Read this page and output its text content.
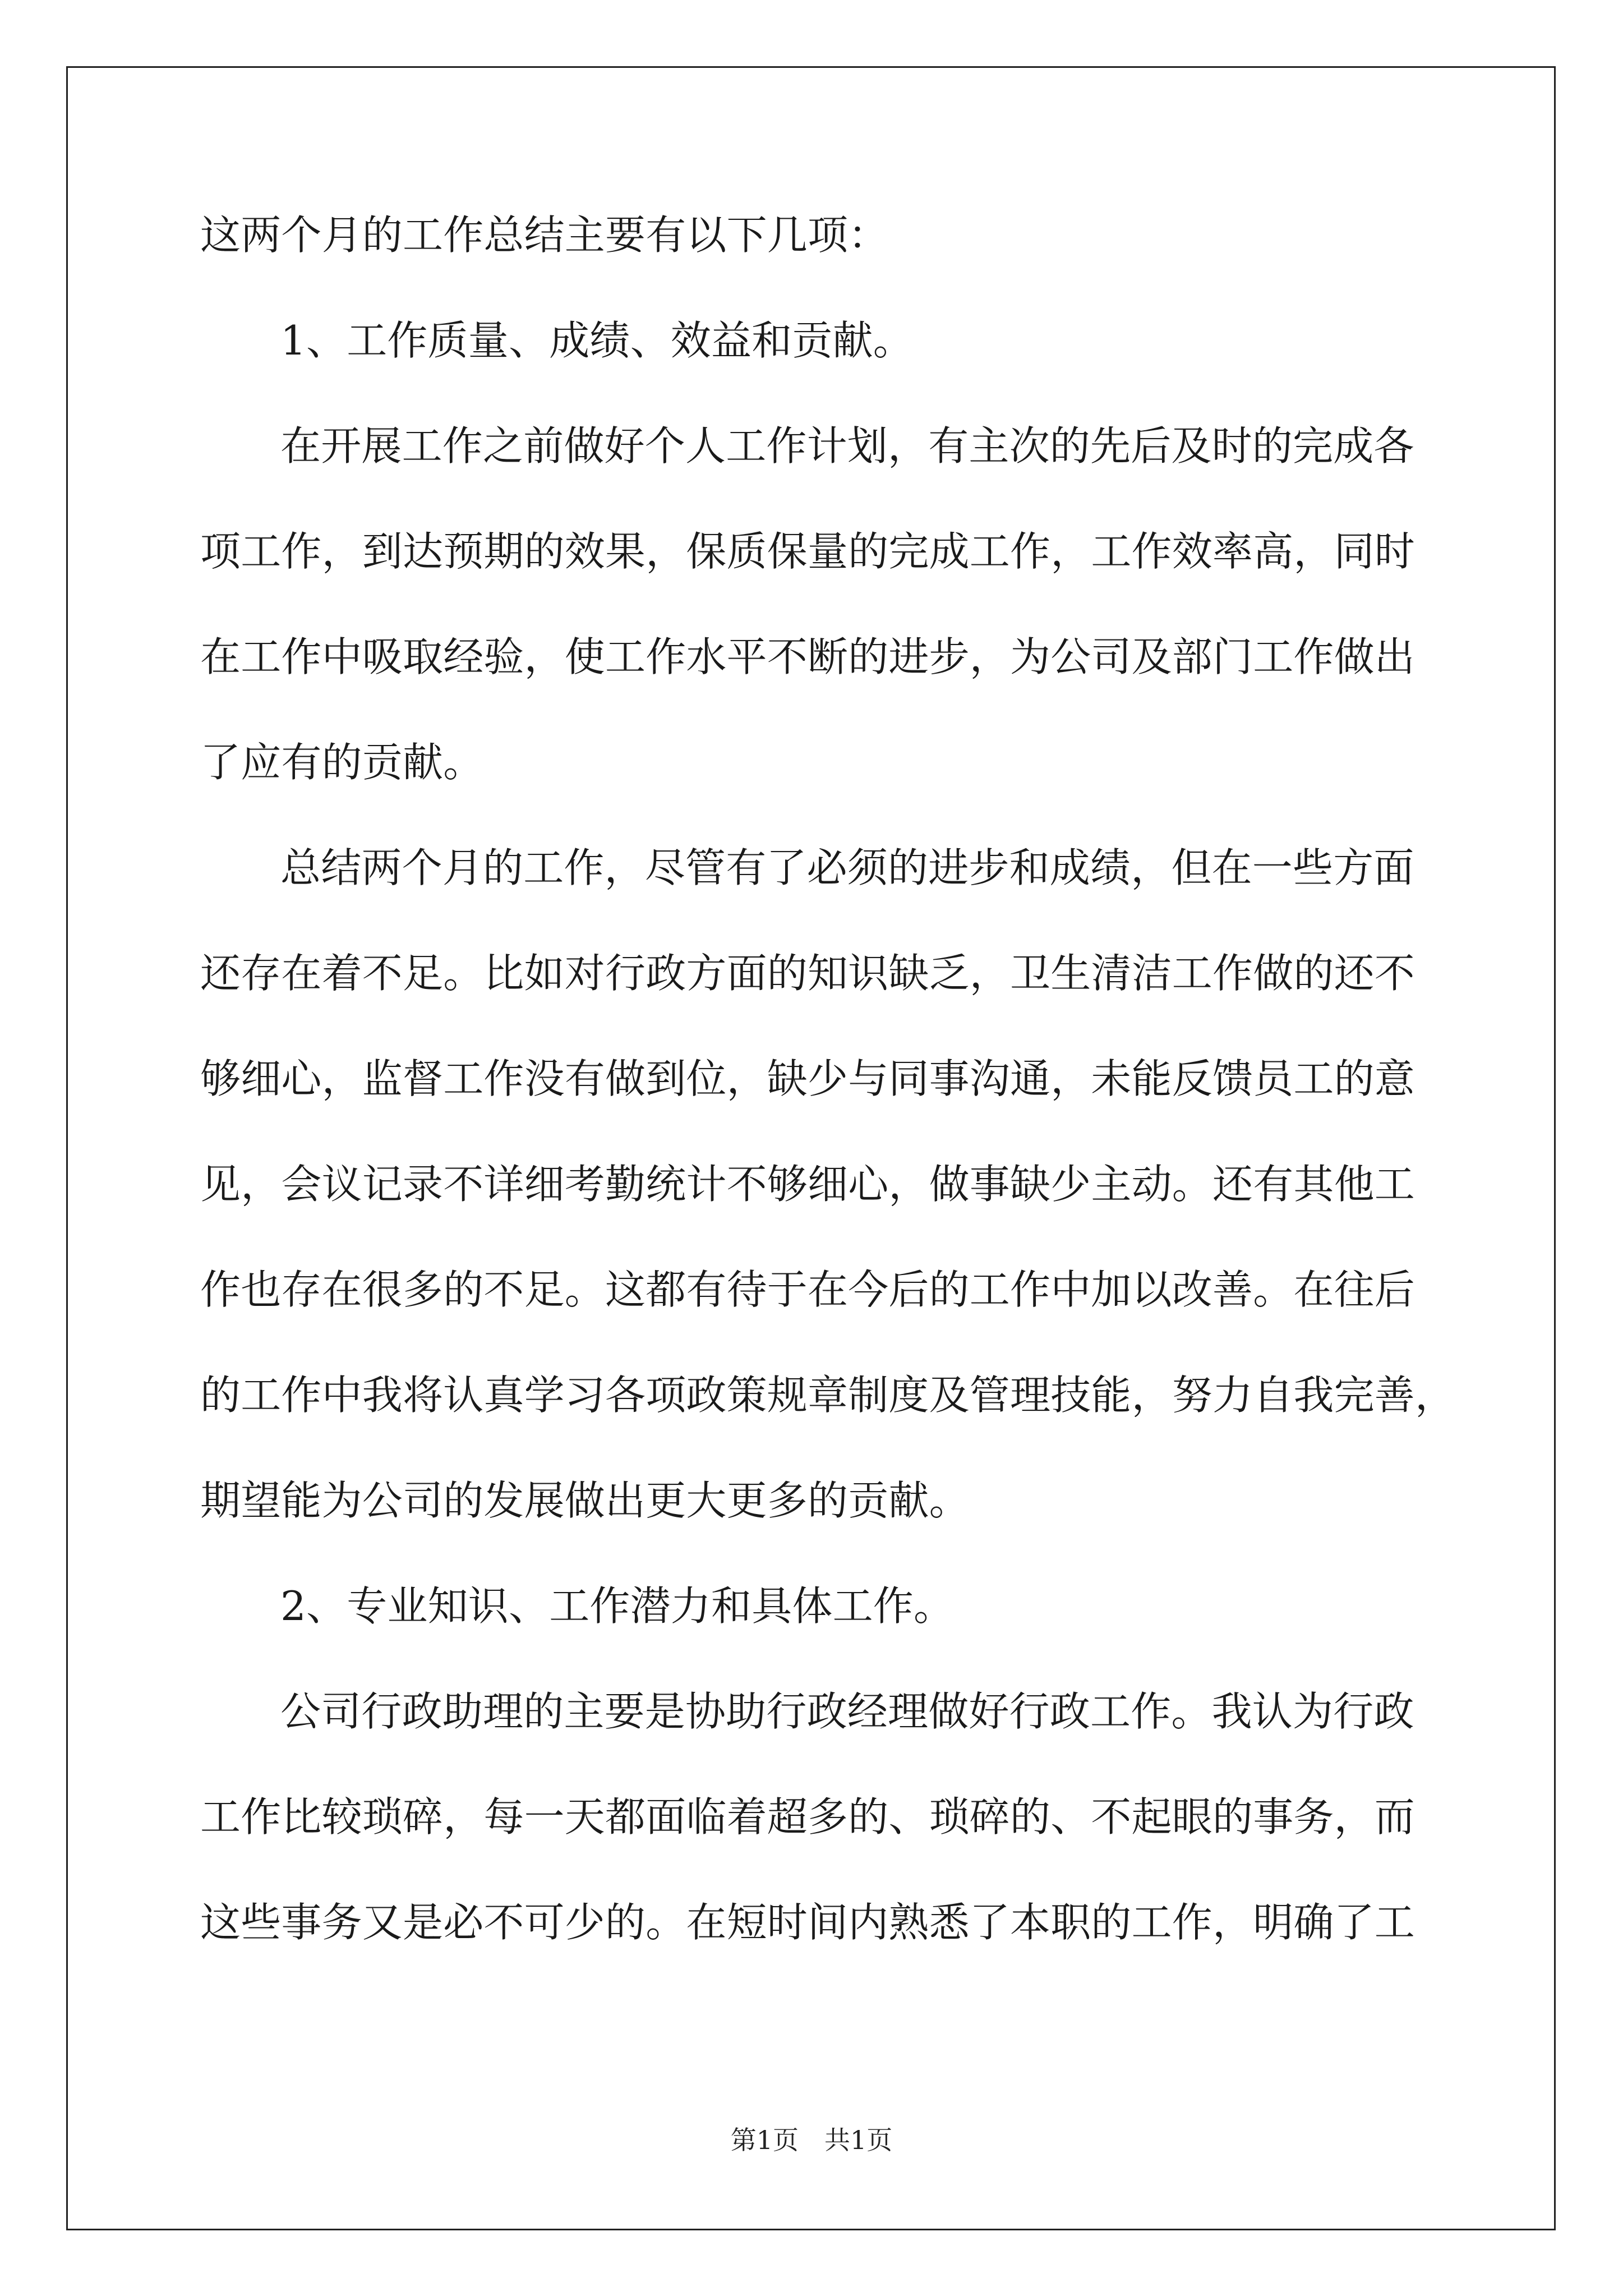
这两个月的工作总结主要有以下几项：
1、工作质量、成绩、效益和贡献。
在开展工作之前做好个人工作计划，有主次的先后及时的完成各
项工作，到达预期的效果，保质保量的完成工作，工作效率高，同时
在工作中吸取经验，使工作水平不断的进步，为公司及部门工作做出
了应有的贡献。
总结两个月的工作，尽管有了必须的进步和成绩，但在一些方面
还存在着不足。比如对行政方面的知识缺乏，卫生清洁工作做的还不
够细心，监督工作没有做到位，缺少与同事沟通，未能反馈员工的意
见，会议记录不详细考勤统计不够细心，做事缺少主动。还有其他工
作也存在很多的不足。这都有待于在今后的工作中加以改善。在往后
的工作中我将认真学习各项政策规章制度及管理技能，努力自我完善，
期望能为公司的发展做出更大更多的贡献。
2、专业知识、工作潜力和具体工作。
公司行政助理的主要是协助行政经理做好行政工作。我认为行政
工作比较琐碎，每一天都面临着超多的、琐碎的、不起眼的事务，而
这些事务又是必不可少的。在短时间内熟悉了本职的工作，明确了工
第1页　共1页
